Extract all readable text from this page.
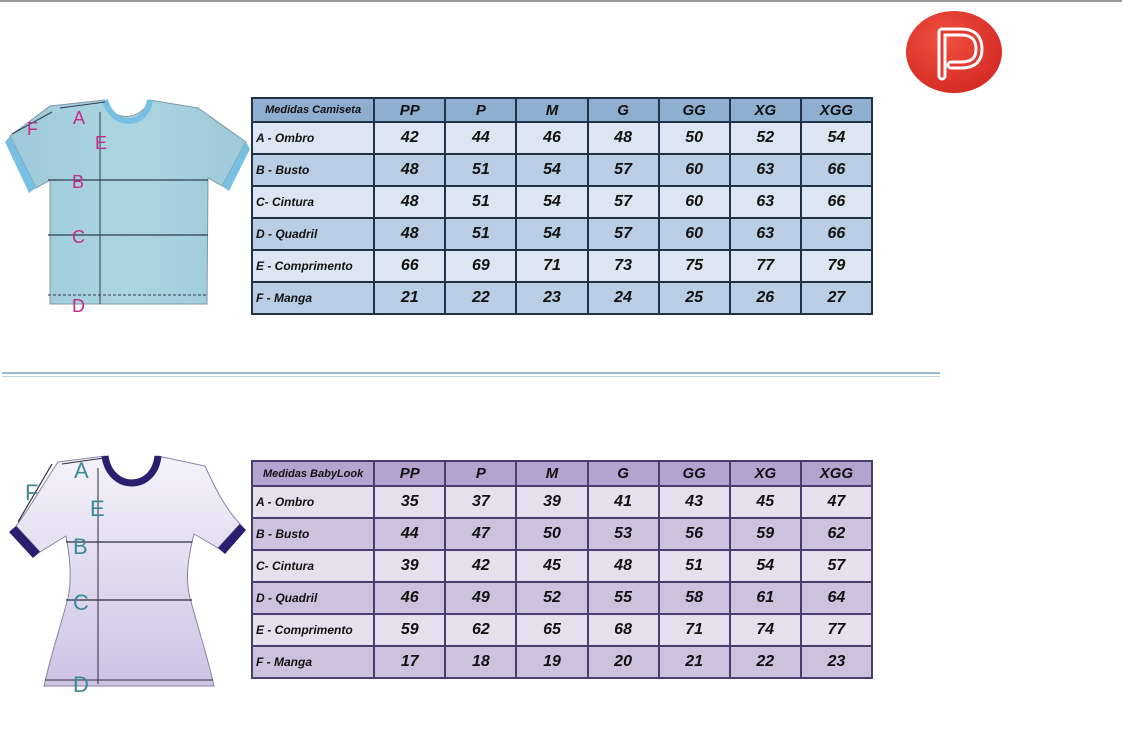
A
B
C
D
E
F
Medidas Camiseta	PP	P	M	G	GG	XG	XGG
A - Ombro	42	44	46	48	50	52	54
B - Busto	48	51	54	57	60	63	66
C- Cintura	48	51	54	57	60	63	66
D - Quadril	48	51	54	57	60	63	66
E - Comprimento	66	69	71	73	75	77	79
F - Manga	21	22	23	24	25	26	27
A
B
C
D
E
F
Medidas BabyLook	PP	P	M	G	GG	XG	XGG
A - Ombro	35	37	39	41	43	45	47
B - Busto	44	47	50	53	56	59	62
C- Cintura	39	42	45	48	51	54	57
D - Quadril	46	49	52	55	58	61	64
E - Comprimento	59	62	65	68	71	74	77
F - Manga	17	18	19	20	21	22	23
